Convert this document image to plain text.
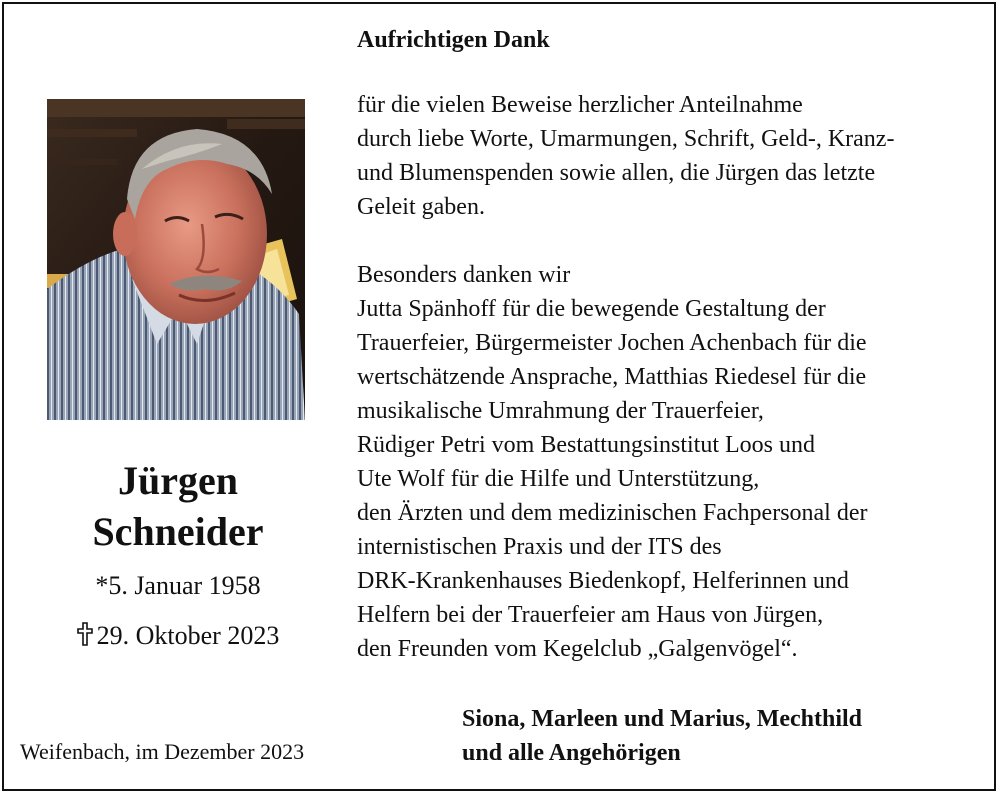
Aufrichtigen Dank
Jürgen
Schneider
*5. Januar 1958
29. Oktober 2023
für die vielen Beweise herzlicher Anteilnahme
durch liebe Worte, Umarmungen, Schrift, Geld-, Kranz-
und Blumenspenden sowie allen, die Jürgen das letzte
Geleit gaben.
Besonders danken wir
Jutta Spänhoff für die bewegende Gestaltung der
Trauerfeier, Bürgermeister Jochen Achenbach für die
wertschätzende Ansprache, Matthias Riedesel für die
musikalische Umrahmung der Trauerfeier,
Rüdiger Petri vom Bestattungsinstitut Loos und
Ute Wolf für die Hilfe und Unterstützung,
den Ärzten und dem medizinischen Fachpersonal der
internistischen Praxis und der ITS des
DRK-Krankenhauses Biedenkopf, Helferinnen und
Helfern bei der Trauerfeier am Haus von Jürgen,
den Freunden vom Kegelclub „Galgenvögel“.
Siona, Marleen und Marius, Mechthild
und alle Angehörigen
Weifenbach, im Dezember 2023
